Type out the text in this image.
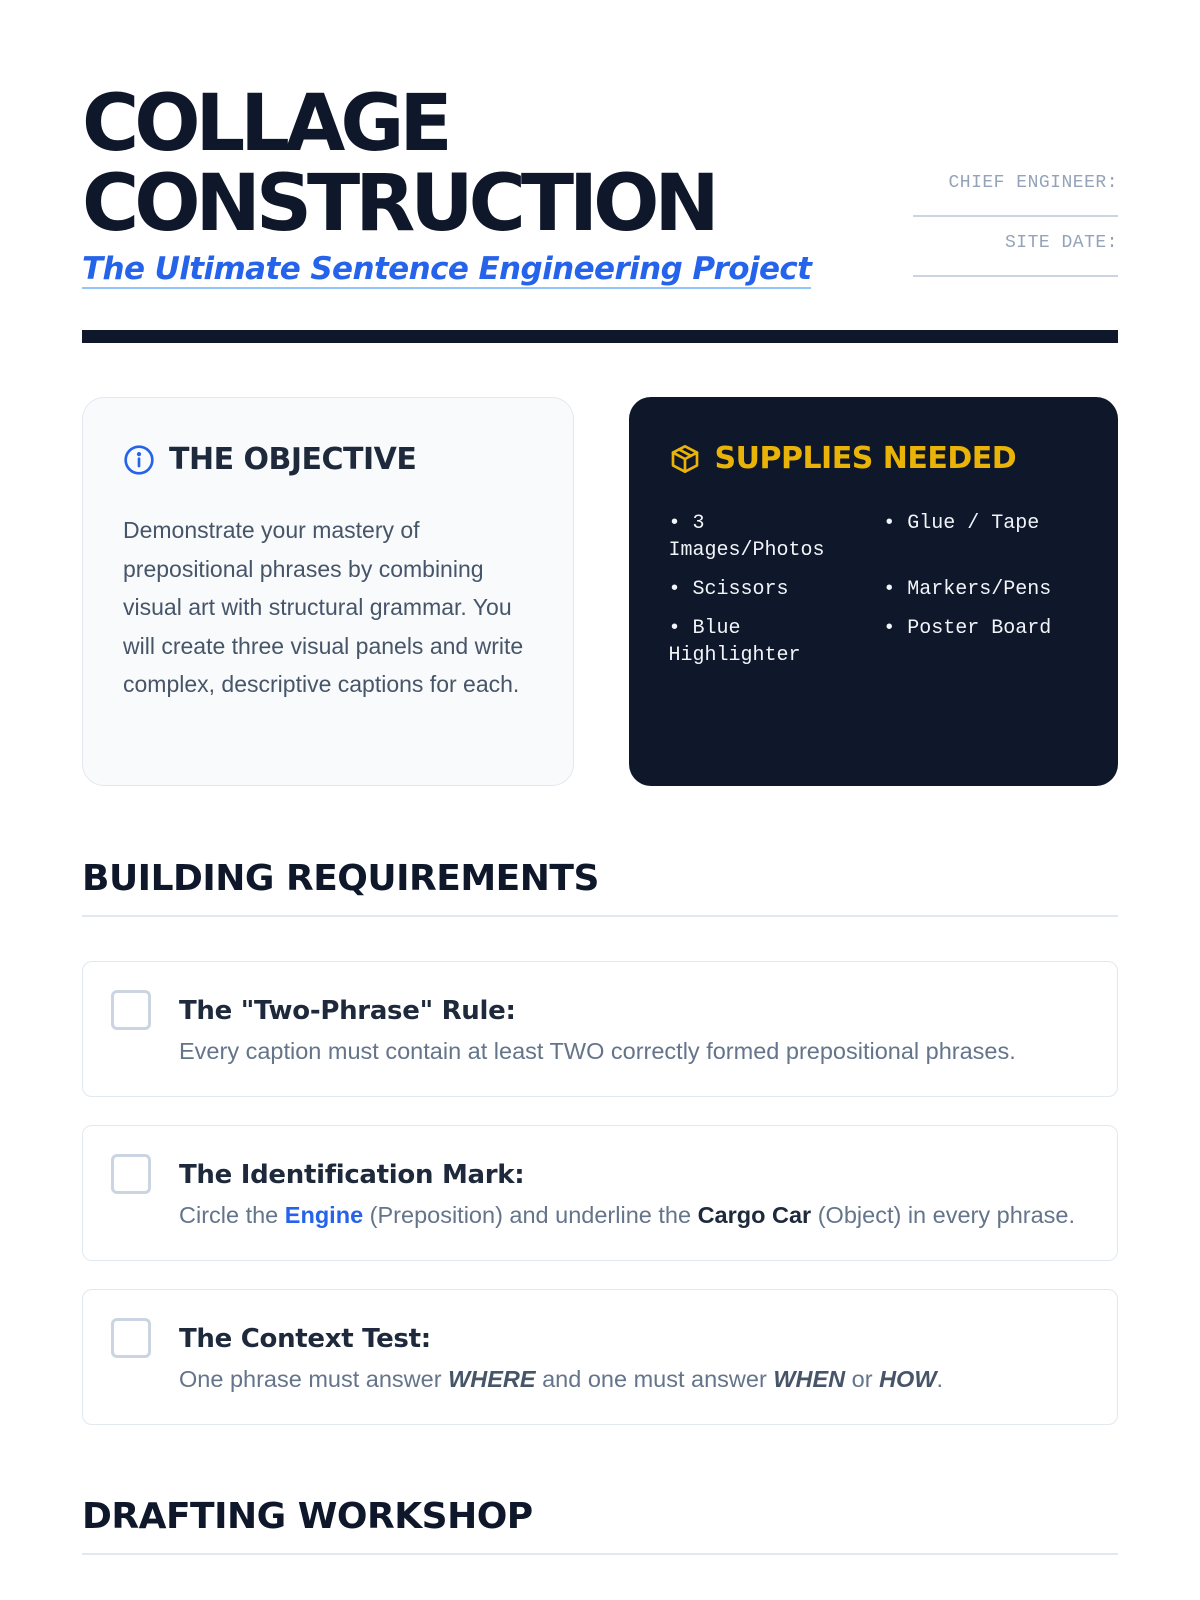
COLLAGE
CONSTRUCTION
The Ultimate Sentence Engineering Project
CHIEF ENGINEER:
SITE DATE:
THE OBJECTIVE

Demonstrate your mastery of prepositional phrases by combining visual art with structural grammar. You will create three visual panels and write complex, descriptive captions for each.

SUPPLIES NEEDED
• 3 Images/Photos
• Glue / Tape
• Scissors	• Markers/Pens
• Blue Highlighter
• Poster Board
BUILDING REQUIREMENTS
The "Two-Phrase" Rule:
Every caption must contain at least TWO correctly formed prepositional phrases.
The Identification Mark:
Circle the Engine (Preposition) and underline the Cargo Car (Object) in every phrase.
The Context Test:
One phrase must answer WHERE and one must answer WHEN or HOW.
DRAFTING WORKSHOP
